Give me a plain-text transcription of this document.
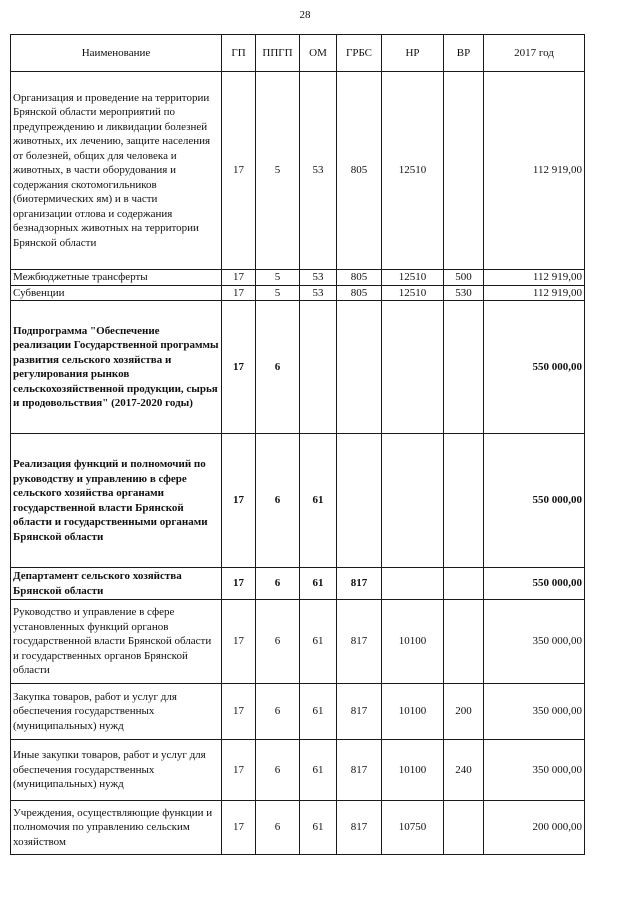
28
Наименование	ГП	ППГП	ОМ	ГРБС	НР	ВР	2017 год
Организация и проведение на территории Брянской области мероприятий по предупреждению и ликвидации болезней животных, их лечению, защите населения от болезней, общих для человека и животных, в части оборудования и содержания скотомогильников (биотермических ям) и в части организации отлова и содержания безнадзорных животных на территории Брянской области	17	5	53	805	12510		112 919,00
Межбюджетные трансферты	17	5	53	805	12510	500	112 919,00
Субвенции	17	5	53	805	12510	530	112 919,00
Подпрограмма "Обеспечение реализации Государственной программы развития сельского хозяйства и регулирования рынков сельскохозяйственной продукции, сырья и продовольствия" (2017-2020 годы)	17	6					550 000,00
Реализация функций и полномочий по руководству и управлению в сфере сельского хозяйства органами государственной власти Брянской области и государственными органами Брянской области	17	6	61				550 000,00
Департамент сельского хозяйства Брянской области	17	6	61	817			550 000,00
Руководство и управление в сфере установленных функций органов государственной власти Брянской области и государственных органов Брянской области	17	6	61	817	10100		350 000,00
Закупка товаров, работ и услуг для обеспечения государственных (муниципальных) нужд	17	6	61	817	10100	200	350 000,00
Иные закупки товаров, работ и услуг для обеспечения государственных (муниципальных) нужд	17	6	61	817	10100	240	350 000,00
Учреждения, осуществляющие функции и полномочия по управлению сельским хозяйством	17	6	61	817	10750		200 000,00
